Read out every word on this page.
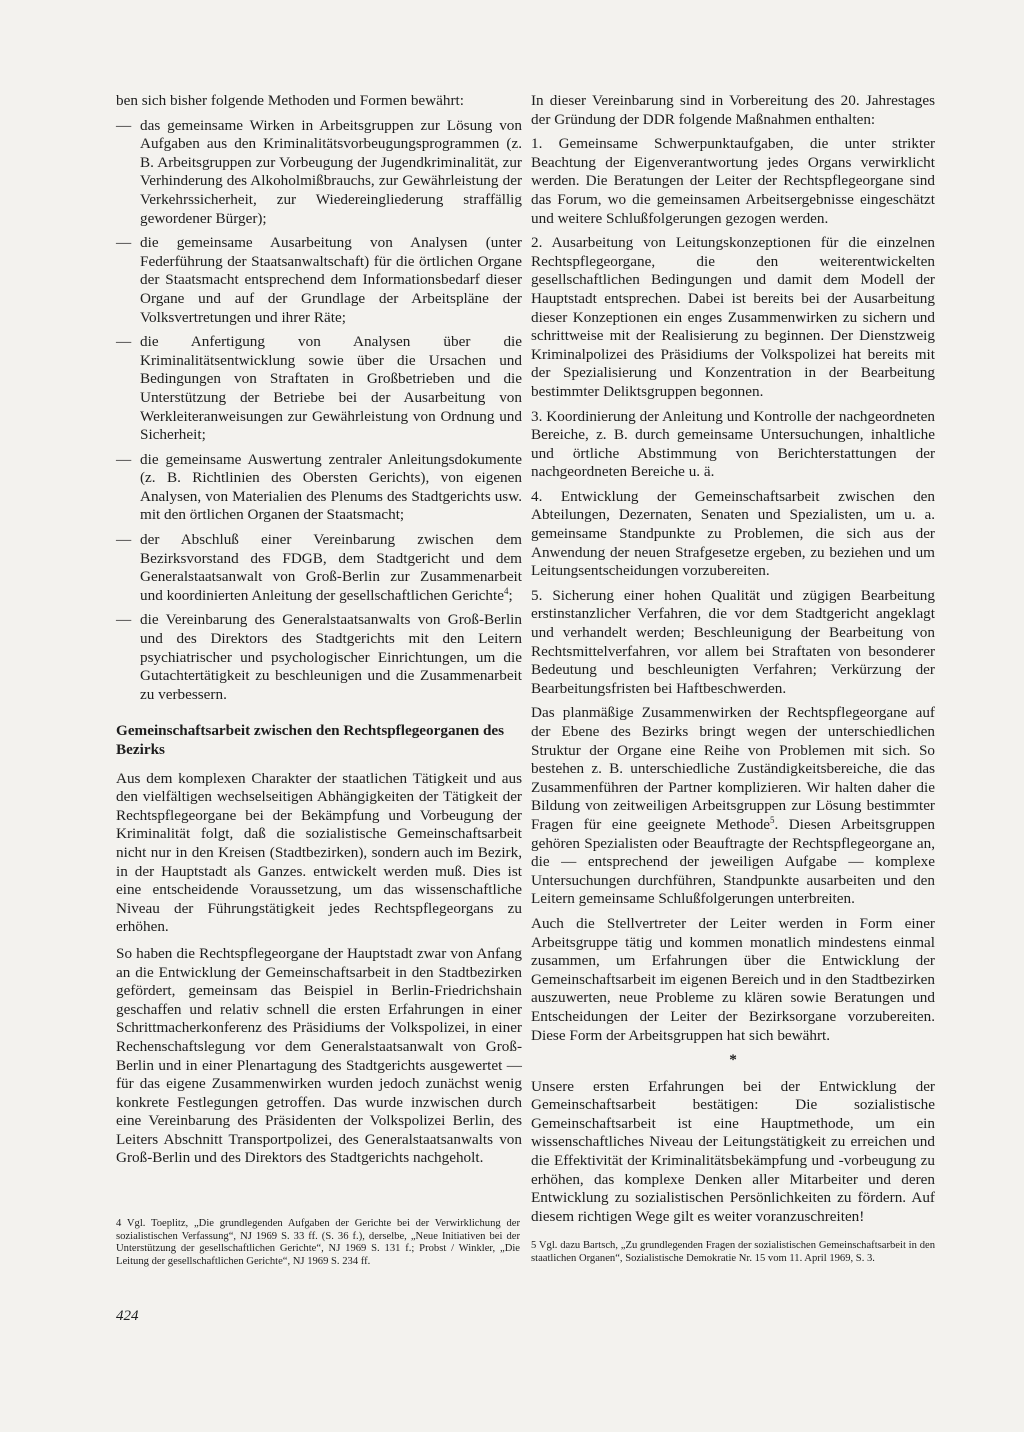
ben sich bisher folgende Methoden und Formen bewährt:

— das gemeinsame Wirken in Arbeitsgruppen zur Lösung von Aufgaben aus den Kriminalitätsvorbeugungsprogrammen (z. B. Arbeitsgruppen zur Vorbeugung der Jugendkriminalität, zur Verhinderung des Alkoholmißbrauchs, zur Gewährleistung der Verkehrssicherheit, zur Wiedereingliederung straffällig gewordener Bürger);
— die gemeinsame Ausarbeitung von Analysen (unter Federführung der Staatsanwaltschaft) für die örtlichen Organe der Staatsmacht entsprechend dem Informationsbedarf dieser Organe und auf der Grundlage der Arbeitspläne der Volksvertretungen und ihrer Räte;
— die Anfertigung von Analysen über die Kriminalitätsentwicklung sowie über die Ursachen und Bedingungen von Straftaten in Großbetrieben und die Unterstützung der Betriebe bei der Ausarbeitung von Werkleiteranweisungen zur Gewährleistung von Ordnung und Sicherheit;
— die gemeinsame Auswertung zentraler Anleitungsdokumente (z. B. Richtlinien des Obersten Gerichts), von eigenen Analysen, von Materialien des Plenums des Stadtgerichts usw. mit den örtlichen Organen der Staatsmacht;
— der Abschluß einer Vereinbarung zwischen dem Bezirksvorstand des FDGB, dem Stadtgericht und dem Generalstaatsanwalt von Groß-Berlin zur Zusammenarbeit und koordinierten Anleitung der gesellschaftlichen Gerichte$^4$;
— die Vereinbarung des Generalstaatsanwalts von Groß-Berlin und des Direktors des Stadtgerichts mit den Leitern psychiatrischer und psychologischer Einrichtungen, um die Gutachtertätigkeit zu beschleunigen und die Zusammenarbeit zu verbessern.
Gemeinschaftsarbeit zwischen den Rechtspflegeorganen des Bezirks

Aus dem komplexen Charakter der staatlichen Tätigkeit und aus den vielfältigen wechselseitigen Abhängigkeiten der Tätigkeit der Rechtspflegeorgane bei der Bekämpfung und Vorbeugung der Kriminalität folgt, daß die sozialistische Gemeinschaftsarbeit nicht nur in den Kreisen (Stadtbezirken), sondern auch im Bezirk, in der Hauptstadt als Ganzes. entwickelt werden muß. Dies ist eine entscheidende Voraussetzung, um das wissenschaftliche Niveau der Führungstätigkeit jedes Rechtspflegeorgans zu erhöhen.

So haben die Rechtspflegeorgane der Hauptstadt zwar von Anfang an die Entwicklung der Gemeinschaftsarbeit in den Stadtbezirken gefördert, gemeinsam das Beispiel in Berlin-Friedrichshain geschaffen und relativ schnell die ersten Erfahrungen in einer Schrittmacherkonferenz des Präsidiums der Volkspolizei, in einer Rechenschaftslegung vor dem Generalstaatsanwalt von Groß-Berlin und in einer Plenartagung des Stadtgerichts ausgewertet — für das eigene Zusammenwirken wurden jedoch zunächst wenig konkrete Festlegungen getroffen. Das wurde inzwischen durch eine Vereinbarung des Präsidenten der Volkspolizei Berlin, des Leiters Abschnitt Transportpolizei, des Generalstaatsanwalts von Groß-Berlin und des Direktors des Stadtgerichts nachgeholt.

In dieser Vereinbarung sind in Vorbereitung des 20. Jahrestages der Gründung der DDR folgende Maßnahmen enthalten:

1. Gemeinsame Schwerpunktaufgaben, die unter strikter Beachtung der Eigenverantwortung jedes Organs verwirklicht werden. Die Beratungen der Leiter der Rechtspflegeorgane sind das Forum, wo die gemeinsamen Arbeitsergebnisse eingeschätzt und weitere Schlußfolgerungen gezogen werden.

2. Ausarbeitung von Leitungskonzeptionen für die einzelnen Rechtspflegeorgane, die den weiterentwickelten gesellschaftlichen Bedingungen und damit dem Modell der Hauptstadt entsprechen. Dabei ist bereits bei der Ausarbeitung dieser Konzeptionen ein enges Zusammenwirken zu sichern und schrittweise mit der Realisierung zu beginnen. Der Dienstzweig Kriminalpolizei des Präsidiums der Volkspolizei hat bereits mit der Spezialisierung und Konzentration in der Bearbeitung bestimmter Deliktsgruppen begonnen.

3. Koordinierung der Anleitung und Kontrolle der nachgeordneten Bereiche, z. B. durch gemeinsame Untersuchungen, inhaltliche und örtliche Abstimmung von Berichterstattungen der nachgeordneten Bereiche u. ä.

4. Entwicklung der Gemeinschaftsarbeit zwischen den Abteilungen, Dezernaten, Senaten und Spezialisten, um u. a. gemeinsame Standpunkte zu Problemen, die sich aus der Anwendung der neuen Strafgesetze ergeben, zu beziehen und um Leitungsentscheidungen vorzubereiten.

5. Sicherung einer hohen Qualität und zügigen Bearbeitung erstinstanzlicher Verfahren, die vor dem Stadtgericht angeklagt und verhandelt werden; Beschleunigung der Bearbeitung von Rechtsmittelverfahren, vor allem bei Straftaten von besonderer Bedeutung und beschleunigten Verfahren; Verkürzung der Bearbeitungsfristen bei Haftbeschwerden.

Das planmäßige Zusammenwirken der Rechtspflegeorgane auf der Ebene des Bezirks bringt wegen der unterschiedlichen Struktur der Organe eine Reihe von Problemen mit sich. So bestehen z. B. unterschiedliche Zuständigkeitsbereiche, die das Zusammenführen der Partner komplizieren. Wir halten daher die Bildung von zeitweiligen Arbeitsgruppen zur Lösung bestimmter Fragen für eine geeignete Methode$^5$. Diesen Arbeitsgruppen gehören Spezialisten oder Beauftragte der Rechtspflegeorgane an, die — entsprechend der jeweiligen Aufgabe — komplexe Untersuchungen durchführen, Standpunkte ausarbeiten und den Leitern gemeinsame Schlußfolgerungen unterbreiten.

Auch die Stellvertreter der Leiter werden in Form einer Arbeitsgruppe tätig und kommen monatlich mindestens einmal zusammen, um Erfahrungen über die Entwicklung der Gemeinschaftsarbeit im eigenen Bereich und in den Stadtbezirken auszuwerten, neue Probleme zu klären sowie Beratungen und Entscheidungen der Leiter der Bezirksorgane vorzubereiten. Diese Form der Arbeitsgruppen hat sich bewährt.

*

Unsere ersten Erfahrungen bei der Entwicklung der Gemeinschaftsarbeit bestätigen: Die sozialistische Gemeinschaftsarbeit ist eine Hauptmethode, um ein wissenschaftliches Niveau der Leitungstätigkeit zu erreichen und die Effektivität der Kriminalitätsbekämpfung und -vorbeugung zu erhöhen, das komplexe Denken aller Mitarbeiter und deren Entwicklung zu sozialistischen Persönlichkeiten zu fördern. Auf diesem richtigen Wege gilt es weiter voranzuschreiten!

4 Vgl. Toeplitz, „Die grundlegenden Aufgaben der Gerichte bei der Verwirklichung der sozialistischen Verfassung“, NJ 1969 S. 33 ff. (S. 36 f.), derselbe, „Neue Initiativen bei der Unterstützung der gesellschaftlichen Gerichte“, NJ 1969 S. 131 f.; Probst / Winkler, „Die Leitung der gesellschaftlichen Gerichte“, NJ 1969 S. 234 ff.
5 Vgl. dazu Bartsch, „Zu grundlegenden Fragen der sozialistischen Gemeinschaftsarbeit in den staatlichen Organen“, Sozialistische Demokratie Nr. 15 vom 11. April 1969, S. 3.
424
